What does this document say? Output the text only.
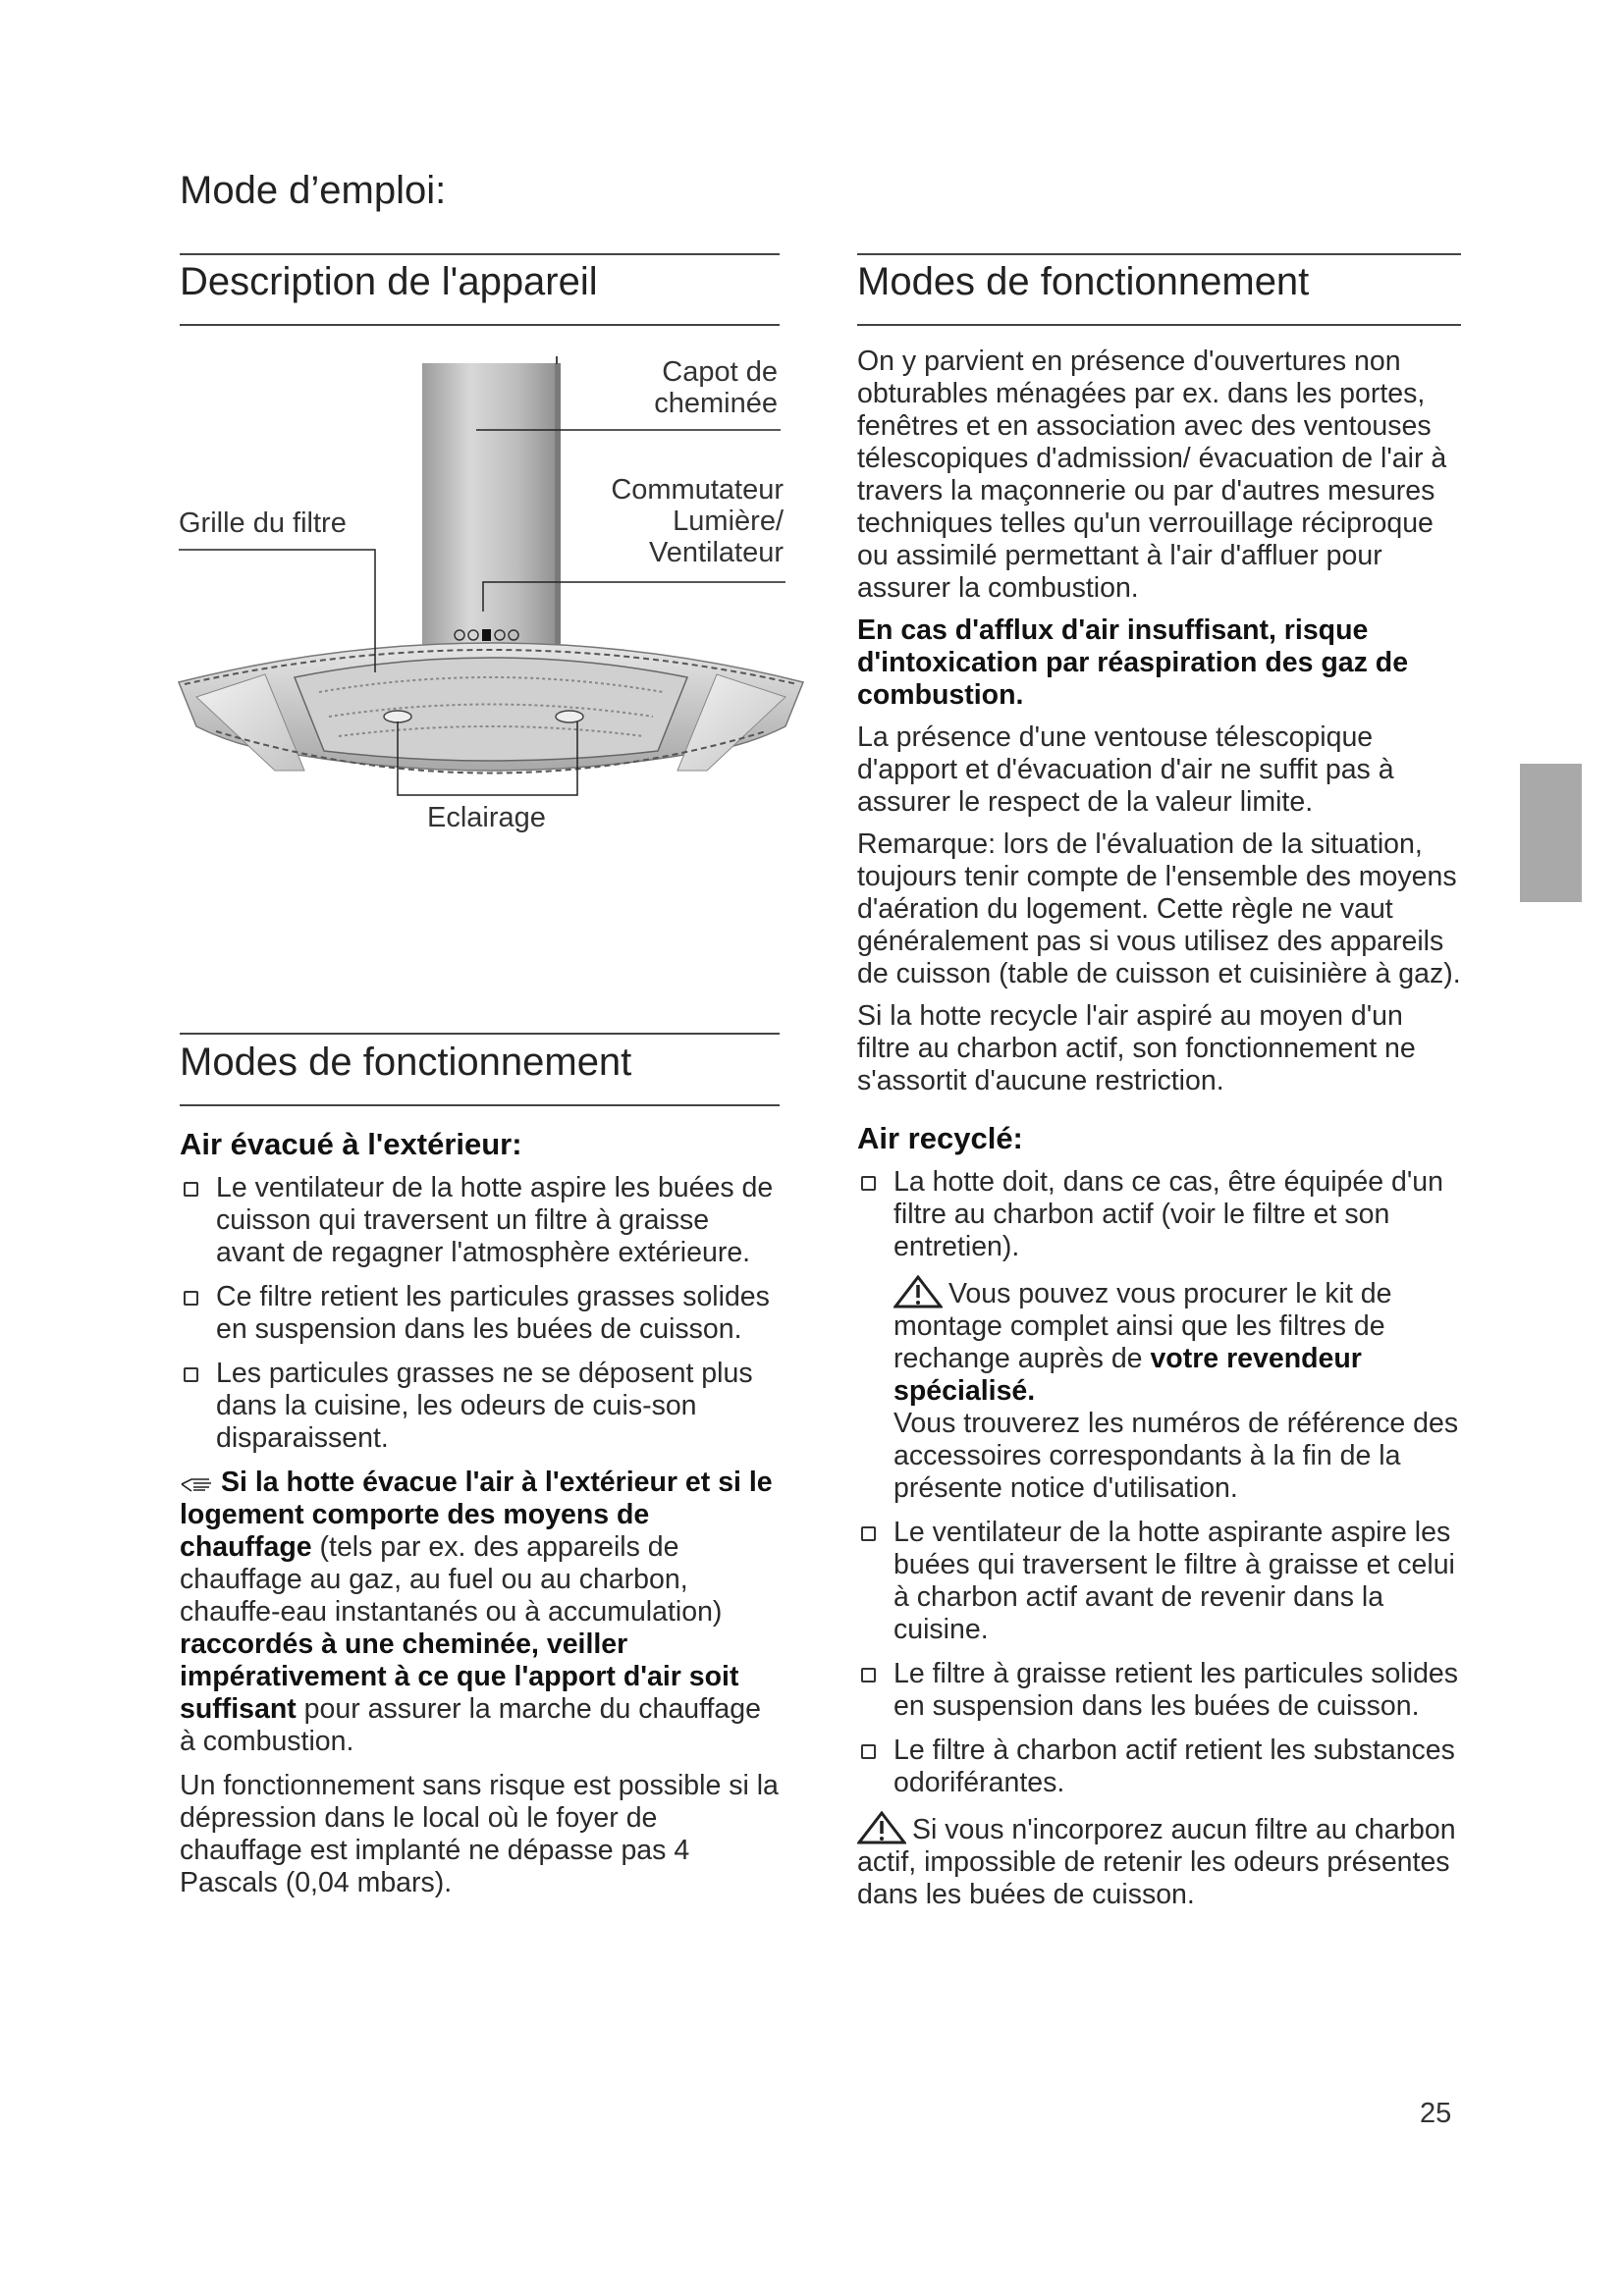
Mode d’emploi:
Description de l'appareil
Capot de
cheminée
Commutateur
Lumière/
Ventilateur
Grille du filtre
Eclairage
Modes de fonctionnement

Air évacué à l'extérieur:

Le ventilateur de la hotte aspire les buées de cuisson qui traversent un filtre à graisse avant de regagner l'atmosphère extérieure.
Ce filtre retient les particules grasses solides en suspension dans les buées de cuisson.
Les particules grasses ne se déposent plus dans la cuisine, les odeurs de cuis-son disparaissent.

Si la hotte évacue l'air à l'extérieur et si le logement comporte des moyens de chauffage (tels par ex. des appareils de chauffage au gaz, au fuel ou au charbon, chauffe-eau instantanés ou à accumulation) raccordés à une cheminée, veiller impérativement à ce que l'apport d'air soit suffisant pour assurer la marche du chauffage à combustion.

Un fonctionnement sans risque est possible si la dépression dans le local où le foyer de chauffage est implanté ne dépasse pas 4 Pascals (0,04 mbars).

Modes de fonctionnement

On y parvient en présence d'ouvertures non obturables ménagées par ex. dans les portes, fenêtres et en association avec des ventouses télescopiques d'admission/ évacuation de l'air à travers la maçonnerie ou par d'autres mesures techniques telles qu'un verrouillage réciproque ou assimilé permettant à l'air d'affluer pour assurer la combustion.

En cas d'afflux d'air insuffisant, risque d'intoxication par réaspiration des gaz de combustion.

La présence d'une ventouse télescopique d'apport et d'évacuation d'air ne suffit pas à assurer le respect de la valeur limite.

Remarque: lors de l'évaluation de la situation, toujours tenir compte de l'ensemble des moyens d'aération du logement. Cette règle ne vaut généralement pas si vous utilisez des appareils de cuisson (table de cuisson et cuisinière à gaz).

Si la hotte recycle l'air aspiré au moyen d'un filtre au charbon actif, son fonctionnement ne s'assortit d'aucune restriction.

Air recyclé:

La hotte doit, dans ce cas, être équipée d'un filtre au charbon actif (voir le filtre et son entretien).
Vous pouvez vous procurer le kit de montage complet ainsi que les filtres de rechange auprès de votre revendeur spécialisé.
Vous trouverez les numéros de référence des accessoires correspondants à la fin de la présente notice d'utilisation.
Le ventilateur de la hotte aspirante aspire les buées qui traversent le filtre à graisse et celui à charbon actif avant de revenir dans la cuisine.
Le filtre à graisse retient les particules solides en suspension dans les buées de cuisson.
Le filtre à charbon actif retient les substances odoriférantes.

Si vous n'incorporez aucun filtre au charbon actif, impossible de retenir les odeurs présentes dans les buées de cuisson.

25
